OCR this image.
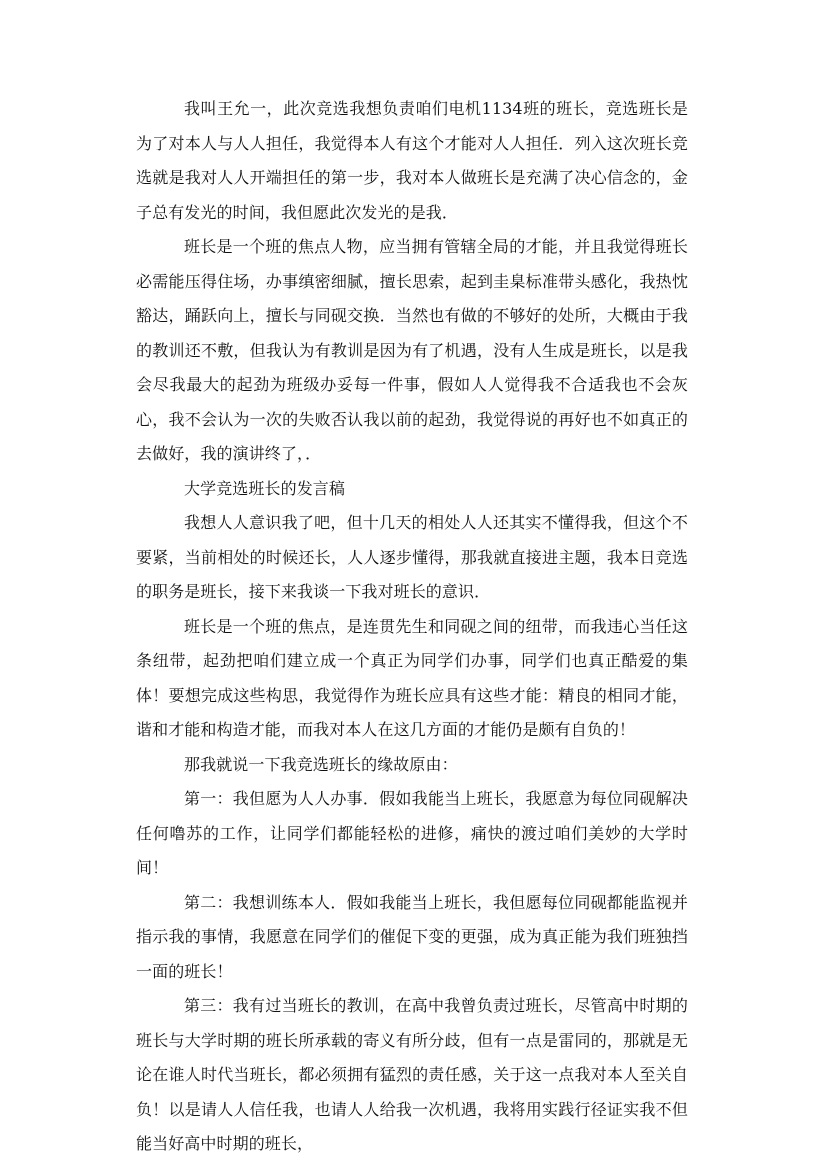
我叫王允一，此次竞选我想负责咱们电机1134班的班长，竞选班长是为了对本人与人人担任，我觉得本人有这个才能对人人担任．列入这次班长竞选就是我对人人开端担任的第一步，我对本人做班长是充满了决心信念的，金子总有发光的时间，我但愿此次发光的是我．

班长是一个班的焦点人物，应当拥有管辖全局的才能，并且我觉得班长必需能压得住场，办事缜密细腻，擅长思索，起到圭臬标准带头感化，我热忱豁达，踊跃向上，擅长与同砚交换．当然也有做的不够好的处所，大概由于我的教训还不敷，但我认为有教训是因为有了机遇，没有人生成是班长，以是我会尽我最大的起劲为班级办妥每一件事，假如人人觉得我不合适我也不会灰心，我不会认为一次的失败否认我以前的起劲，我觉得说的再好也不如真正的去做好，我的演讲终了，．

大学竞选班长的发言稿

我想人人意识我了吧，但十几天的相处人人还其实不懂得我，但这个不要紧，当前相处的时候还长，人人逐步懂得，那我就直接进主题，我本日竞选的职务是班长，接下来我谈一下我对班长的意识．

班长是一个班的焦点，是连贯先生和同砚之间的纽带，而我违心当任这条纽带，起劲把咱们建立成一个真正为同学们办事，同学们也真正酷爱的集体！要想完成这些构思，我觉得作为班长应具有这些才能：精良的相同才能，谐和才能和构造才能，而我对本人在这几方面的才能仍是颇有自负的！

那我就说一下我竞选班长的缘故原由：

第一：我但愿为人人办事．假如我能当上班长，我愿意为每位同砚解决任何噜苏的工作，让同学们都能轻松的进修，痛快的渡过咱们美妙的大学时间！

第二：我想训练本人．假如我能当上班长，我但愿每位同砚都能监视并指示我的事情，我愿意在同学们的催促下变的更强，成为真正能为我们班独挡一面的班长！

第三：我有过当班长的教训，在高中我曾负责过班长，尽管高中时期的班长与大学时期的班长所承载的寄义有所分歧，但有一点是雷同的，那就是无论在谁人时代当班长，都必须拥有猛烈的责任感，关于这一点我对本人至关自负！以是请人人信任我，也请人人给我一次机遇，我将用实践行径证实我不但能当好高中时期的班长，
